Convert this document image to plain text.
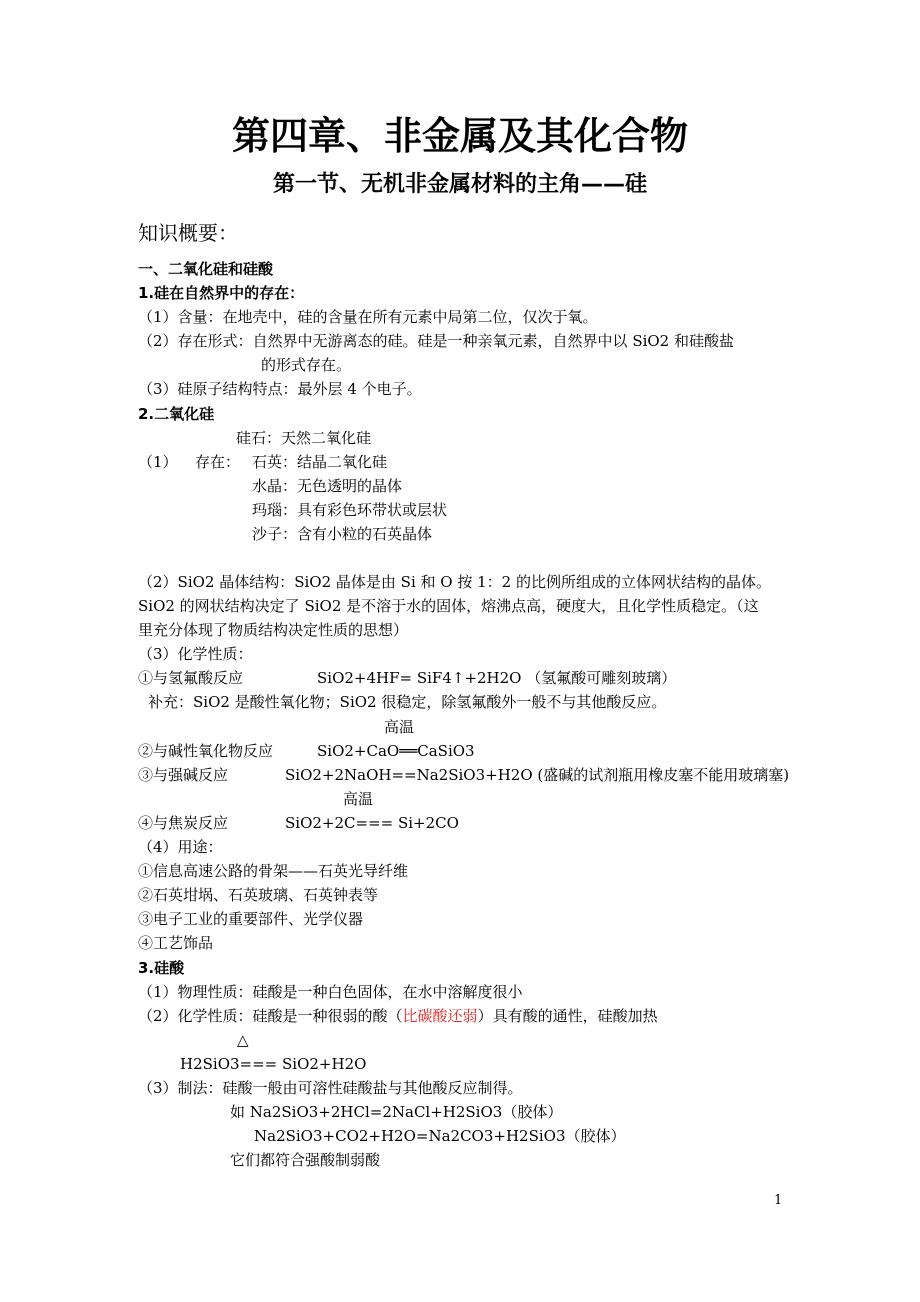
第四章、非金属及其化合物
第一节、无机非金属材料的主角——硅
知识概要：
一、二氧化硅和硅酸
1.硅在自然界中的存在：
（1）含量：在地壳中，硅的含量在所有元素中局第二位，仅次于氧。
（2）存在形式：自然界中无游离态的硅。硅是一种亲氧元素，自然界中以 SiO2 和硅酸盐
的形式存在。
（3）硅原子结构特点：最外层 4 个电子。
2.二氧化硅
硅石：天然二氧化硅
（1） 存在： 石英：结晶二氧化硅
水晶：无色透明的晶体
玛瑙：具有彩色环带状或层状
沙子：含有小粒的石英晶体
（2）SiO2 晶体结构：SiO2 晶体是由 Si 和 O 按 1：2 的比例所组成的立体网状结构的晶体。
SiO2 的网状结构决定了 SiO2 是不溶于水的固体，熔沸点高，硬度大，且化学性质稳定。（这
里充分体现了物质结构决定性质的思想）
（3）化学性质：
①与氢氟酸反应	SiO2+4HF= SiF4↑+2H2O （氢氟酸可雕刻玻璃）
补充：SiO2 是酸性氧化物；SiO2 很稳定，除氢氟酸外一般不与其他酸反应。
高温
②与碱性氧化物反应	SiO2+CaO══CaSiO3
③与强碱反应	SiO2+2NaOH==Na2SiO3+H2O (盛碱的试剂瓶用橡皮塞不能用玻璃塞)
高温
④与焦炭反应	SiO2+2C=== Si+2CO
（4）用途：
①信息高速公路的骨架——石英光导纤维
②石英坩埚、石英玻璃、石英钟表等
③电子工业的重要部件、光学仪器
④工艺饰品
3.硅酸
（1）物理性质：硅酸是一种白色固体，在水中溶解度很小
（2）化学性质：硅酸是一种很弱的酸（比碳酸还弱）具有酸的通性，硅酸加热
△
H2SiO3=== SiO2+H2O
（3）制法：硅酸一般由可溶性硅酸盐与其他酸反应制得。
如 Na2SiO3+2HCl=2NaCl+H2SiO3（胶体）
Na2SiO3+CO2+H2O=Na2CO3+H2SiO3（胶体）
它们都符合强酸制弱酸
1
